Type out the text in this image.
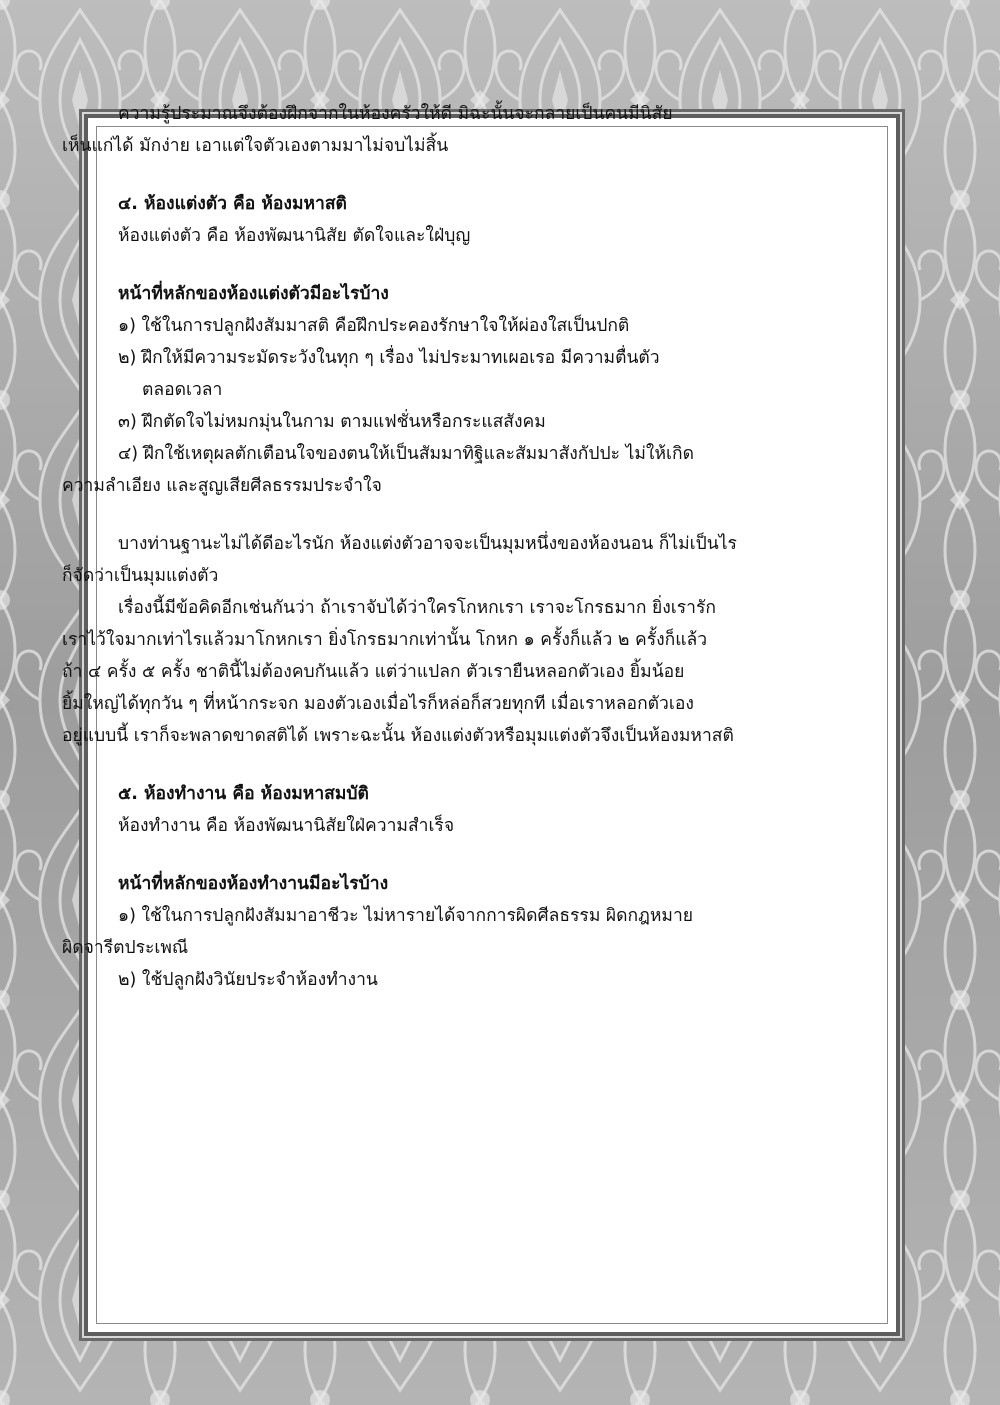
ความรู้ประมาณจึงต้องฝึกจากในห้องครัวให้ดี มิฉะนั้นจะกลายเป็นคนมีนิสัย

เห็นแก่ได้ มักง่าย เอาแต่ใจตัวเองตามมาไม่จบไม่สิ้น

๔. ห้องแต่งตัว คือ ห้องมหาสติ

ห้องแต่งตัว คือ ห้องพัฒนานิสัย ตัดใจและใฝ่บุญ

หน้าที่หลักของห้องแต่งตัวมีอะไรบ้าง

๑) ใช้ในการปลูกฝังสัมมาสติ คือฝึกประคองรักษาใจให้ผ่องใสเป็นปกติ

๒) ฝึกให้มีความระมัดระวังในทุก ๆ เรื่อง ไม่ประมาทเผอเรอ มีความตื่นตัว

ตลอดเวลา

๓) ฝึกตัดใจไม่หมกมุ่นในกาม ตามแฟชั่นหรือกระแสสังคม

๔) ฝึกใช้เหตุผลตักเตือนใจของตนให้เป็นสัมมาทิฐิและสัมมาสังกัปปะ ไม่ให้เกิด

ความลำเอียง และสูญเสียศีลธรรมประจำใจ

บางท่านฐานะไม่ได้ดีอะไรนัก ห้องแต่งตัวอาจจะเป็นมุมหนึ่งของห้องนอน ก็ไม่เป็นไร

ก็จัดว่าเป็นมุมแต่งตัว

เรื่องนี้มีข้อคิดอีกเช่นกันว่า ถ้าเราจับได้ว่าใครโกหกเรา เราจะโกรธมาก ยิ่งเรารัก

เราไว้ใจมากเท่าไรแล้วมาโกหกเรา ยิ่งโกรธมากเท่านั้น โกหก ๑ ครั้งก็แล้ว ๒ ครั้งก็แล้ว

ถ้า ๔ ครั้ง ๕ ครั้ง ชาตินี้ไม่ต้องคบกันแล้ว แต่ว่าแปลก ตัวเรายืนหลอกตัวเอง ยิ้มน้อย

ยิ้มใหญ่ได้ทุกวัน ๆ ที่หน้ากระจก มองตัวเองเมื่อไรก็หล่อก็สวยทุกที เมื่อเราหลอกตัวเอง

อยู่แบบนี้ เราก็จะพลาดขาดสติได้ เพราะฉะนั้น ห้องแต่งตัวหรือมุมแต่งตัวจึงเป็นห้องมหาสติ

๕. ห้องทำงาน คือ ห้องมหาสมบัติ

ห้องทำงาน คือ ห้องพัฒนานิสัยใฝ่ความสำเร็จ

หน้าที่หลักของห้องทำงานมีอะไรบ้าง

๑) ใช้ในการปลูกฝังสัมมาอาชีวะ ไม่หารายได้จากการผิดศีลธรรม ผิดกฎหมาย

ผิดจารีตประเพณี

๒) ใช้ปลูกฝังวินัยประจำห้องทำงาน
